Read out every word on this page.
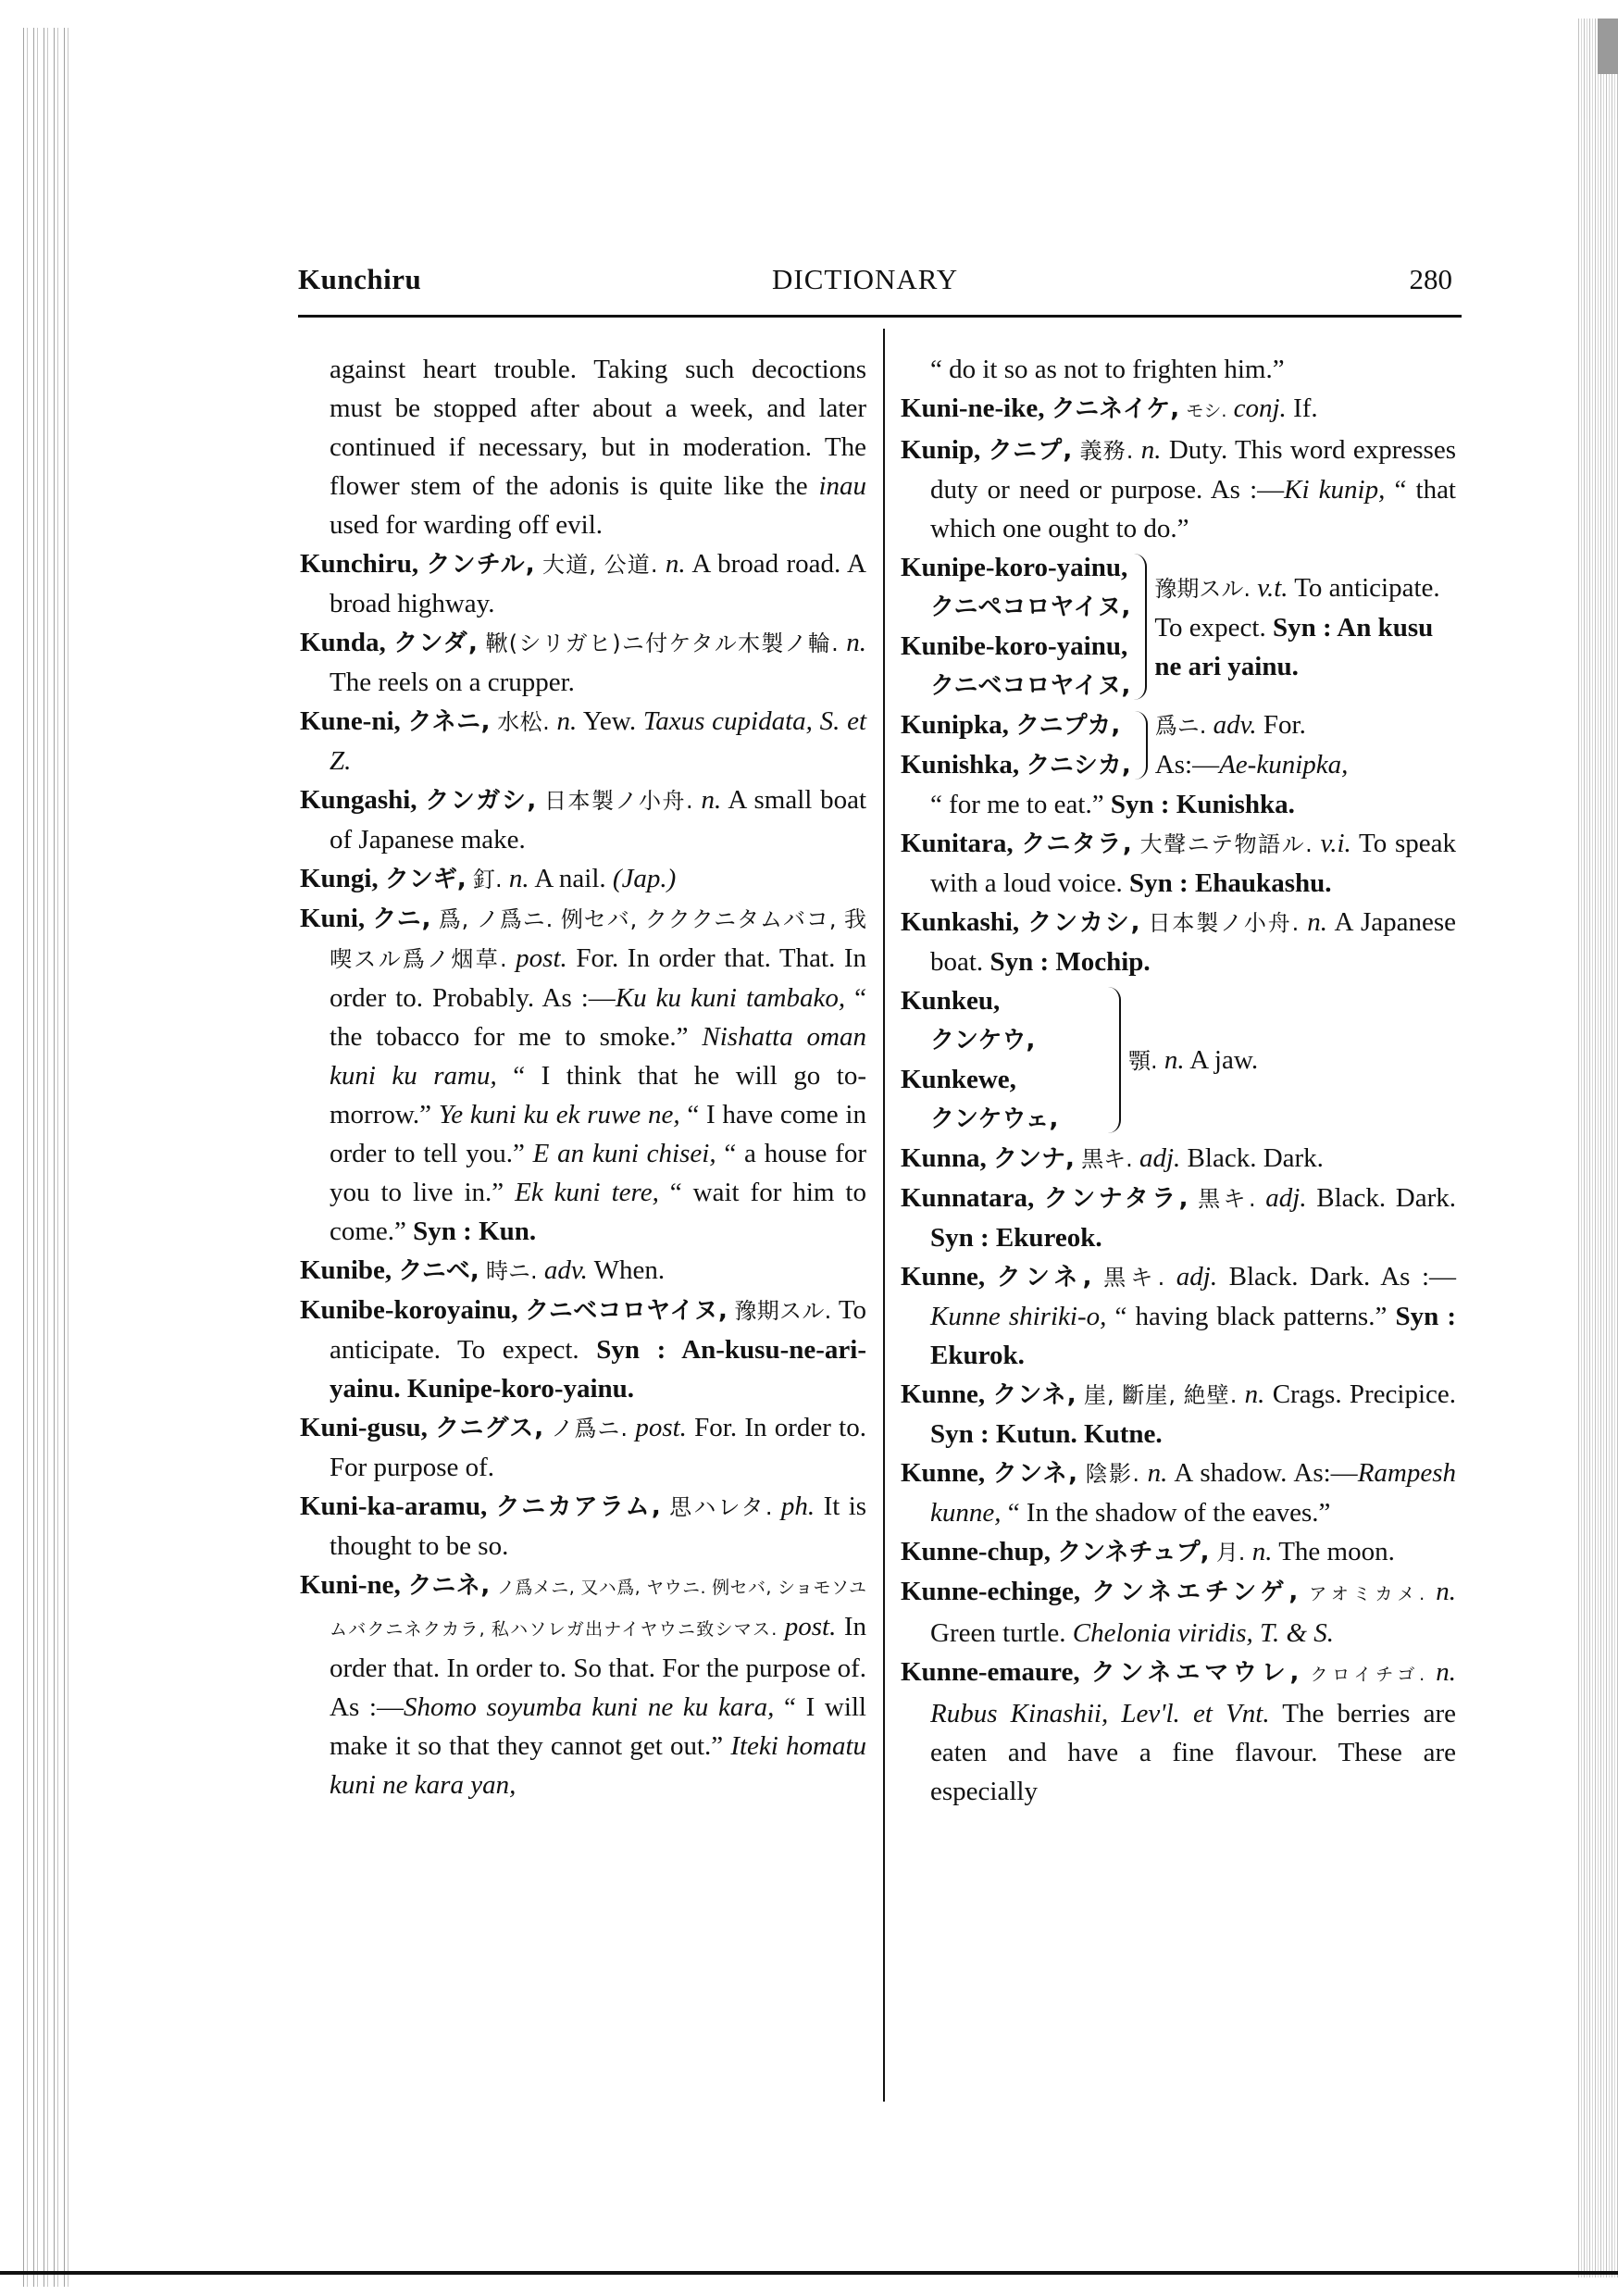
Kunchiru	DICTIONARY	280
against heart trouble. Taking such decoctions must be stopped after about a week, and later continued if necessary, but in moderation. The flower stem of the adonis is quite like the inau used for warding off evil.
Kunchiru, クンチル, 大道, 公道. n. A broad road. A broad highway.
Kunda, クンダ, 鞦(シリガヒ)ニ付ケタル木製ノ輪. n. The reels on a crupper.
Kune-ni, クネニ, 水松. n. Yew. Taxus cupidata, S. et Z.
Kungashi, クンガシ, 日本製ノ小舟. n. A small boat of Japanese make.
Kungi, クンギ, 釘. n. A nail. (Jap.)
Kuni, クニ, 爲, ノ爲ニ. 例セバ, クククニタムバコ, 我喫スル爲ノ烟草. post. For. In order that. That. In order to. Probably. As :—Ku ku kuni tambako, “ the tobacco for me to smoke.” Nishatta oman kuni ku ramu, “ I think that he will go to-morrow.” Ye kuni ku ek ruwe ne, “ I have come in order to tell you.” E an kuni chisei, “ a house for you to live in.” Ek kuni tere, “ wait for him to come.” Syn : Kun.
Kunibe, クニベ, 時ニ. adv. When.
Kunibe-koroyainu, クニベコロヤイヌ, 豫期スル. To anticipate. To expect. Syn : An-kusu-ne-ari-yainu. Kunipe-koro-yainu.
Kuni-gusu, クニグス, ノ爲ニ. post. For. In order to. For purpose of.
Kuni-ka-aramu, クニカアラム, 思ハレタ. ph. It is thought to be so.
Kuni-ne, クニネ, ノ爲メニ, 又ハ爲, ヤウニ. 例セバ, ショモソユムバクニネクカラ, 私ハソレガ出ナイヤウニ致シマス. post. In order that. In order to. So that. For the purpose of. As :—Shomo soyumba kuni ne ku kara, “ I will make it so that they cannot get out.” Iteki homatu kuni ne kara yan,
“ do it so as not to frighten him.”
Kuni-ne-ike, クニネイケ, モシ. conj. If.
Kunip, クニプ, 義務. n. Duty. This word expresses duty or need or purpose. As :—Ki kunip, “ that which one ought to do.”
Kunipe-koro-yainu,
クニペコロヤイヌ,
Kunibe-koro-yainu,
クニベコロヤイヌ,
豫期スル. v.t. To anticipate. To expect. Syn : An kusu ne ari yainu.
Kunipka, クニプカ,
Kunishka, クニシカ,
爲ニ. adv. For.
As:—Ae-kunipka,
“ for me to eat.” Syn : Kunishka.
Kunitara, クニタラ, 大聲ニテ物語ル. v.i. To speak with a loud voice. Syn : Ehaukashu.
Kunkashi, クンカシ, 日本製ノ小舟. n. A Japanese boat. Syn : Mochip.
Kunkeu,
クンケウ,
Kunkewe,
クンケウェ,
顎. n. A jaw.
Kunna, クンナ, 黒キ. adj. Black. Dark.
Kunnatara, クンナタラ, 黒キ. adj. Black. Dark. Syn : Ekureok.
Kunne, クンネ, 黒キ. adj. Black. Dark. As :—Kunne shiriki-o, “ having black patterns.” Syn : Ekurok.
Kunne, クンネ, 崖, 斷崖, 絶壁. n. Crags. Precipice. Syn : Kutun. Kutne.
Kunne, クンネ, 陰影. n. A shadow. As:—Rampesh kunne, “ In the shadow of the eaves.”
Kunne-chup, クンネチュプ, 月. n. The moon.
Kunne-echinge, クンネエチンゲ, アオミカメ. n. Green turtle. Chelonia viridis, T. & S.
Kunne-emaure, クンネエマウレ, クロイチゴ. n. Rubus Kinashii, Lev'l. et Vnt. The berries are eaten and have a fine flavour. These are especially
